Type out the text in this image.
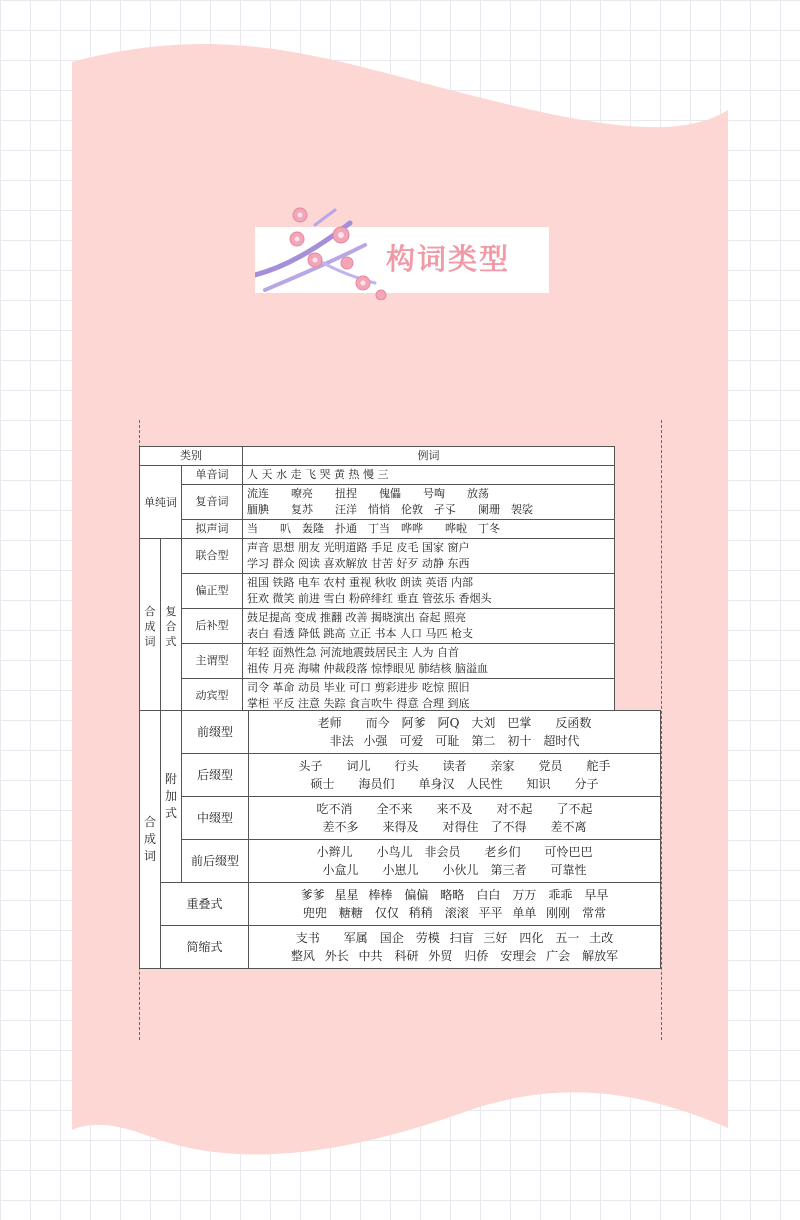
构词类型
类别			例词
单纯词		单音词	人 天 水 走 飞 哭 黄 热 慢 三

		复音词	流连　　嘹亮　　扭捏　　傀儡　　号啕　　放荡
腼腆　　复苏　　汪洋　悄悄　伦敦　孑孓　　阑珊　袈裟

		拟声词	当　　叭　轰隆　扑通　丁当　哗哗　　哗啦　丁冬

合成词	复合式	联合型	声音 思想 朋友 光明道路 手足 皮毛 国家 窗户
学习 群众 阅读 喜欢解放 甘苦 好歹 动静 东西

		偏正型	祖国 铁路 电车 农村 重视 秋收 朗读 英语 内部
狂欢 微笑 前进 雪白 粉碎绯红 垂直 管弦乐 香烟头

		后补型	鼓足提高 变成 推翻 改善 揭晓演出 奋起 照亮
表白 看透 降低 跳高 立正 书本 人口 马匹 枪支

		主谓型	年轻 面熟性急 河流地震鼓居民主 人为 自首
祖传 月亮 海啸 仲裁段落 惊悸眼见 肺结核 脑溢血

		动宾型	司令 革命 动员 毕业 可口 剪彩进步 吃惊 照旧
掌柜 平反 注意 失踪 食言吹牛 得意 合理 到底
合成词	附加式	前缀型	老师　　而今　阿爹　阿Q　大刘　巴掌　　反函数
非法 小强　可爱　可耻　第二　初十　超时代

		后缀型	头子　　词儿　　行头　　读者　　亲家　　党员　　舵手
硕士　　海员们　　单身汉　人民性　　知识　　分子

		中缀型	吃不消　　全不来　　来不及　　对不起　　了不起
差不多　　来得及　　对得住　了不得　　差不离

		前后缀型	小辫儿　　小鸟儿　非会员　　老乡们　　可怜巴巴
小盒儿　　小崽儿　　小伙儿　第三者　　可靠性

	重叠式		爹爹 星星 棒棒　偏偏　略略　白白　万万　乖乖　早早
兜兜　糖糖　仅仅 稍稍　滚滚 平平 单单 刚刚　常常

	简缩式		支书　　军属　国企　劳模 扫盲 三好　四化　五一 土改
整风 外长 中共　科研 外贸　归侨　安理会 广会　解放军
